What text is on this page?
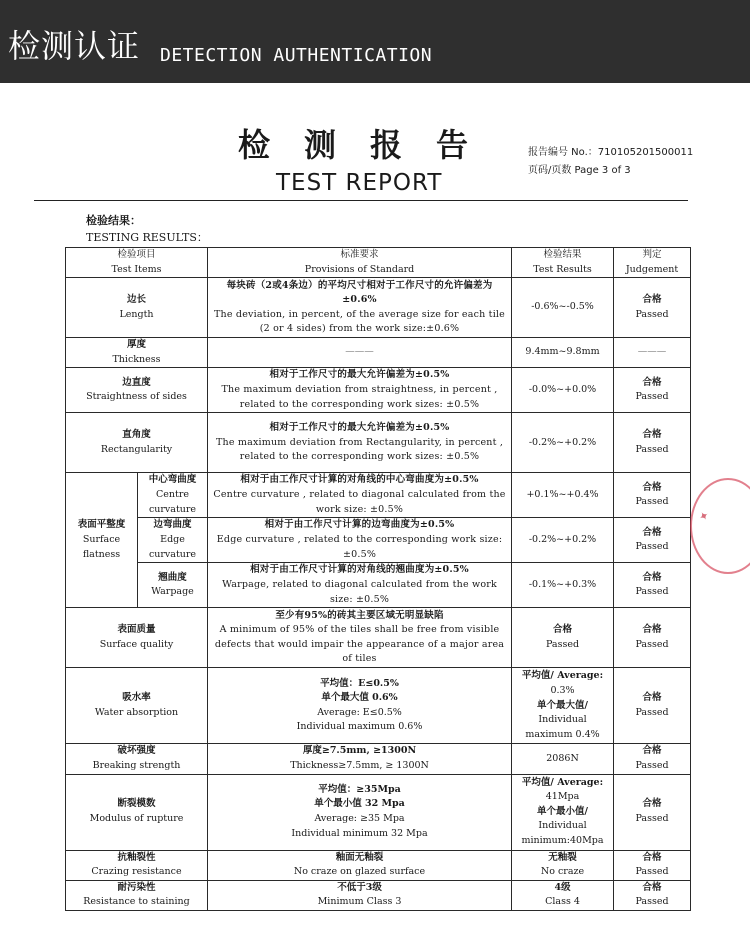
检测认证 DETECTION AUTHENTICATION
检测报告
TEST REPORT
报告编号 No.：710105201500011
页码/页数 Page 3 of 3
检验结果：
TESTING RESULTS：
检验项目
Test Items		标准要求
Provisions of Standard	检验结果
Test Results	判定
Judgement

边长
Length		每块砖（2或4条边）的平均尺寸相对于工作尺寸的允许偏差为±0.6%
The deviation, in percent, of the average size for each tile (2 or 4 sides) from the work size:±0.6%	-0.6%~-0.5%	合格
Passed

厚度
Thickness		———	9.4mm~9.8mm	———

边直度
Straightness of sides		相对于工作尺寸的最大允许偏差为±0.5%
The maximum deviation from straightness, in percent , related to the corresponding work sizes: ±0.5%	-0.0%~+0.0%	合格
Passed

直角度
Rectangularity		相对于工作尺寸的最大允许偏差为±0.5%
The maximum deviation from Rectangularity, in percent , related to the corresponding work sizes: ±0.5%	-0.2%~+0.2%	合格
Passed

表面平整度
Surface flatness	中心弯曲度
Centre curvature	相对于由工作尺寸计算的对角线的中心弯曲度为±0.5%
Centre curvature , related to diagonal calculated from the work size: ±0.5%	+0.1%~+0.4%	合格
Passed

	边弯曲度
Edge curvature	相对于由工作尺寸计算的边弯曲度为±0.5%
Edge curvature , related to the corresponding work size: ±0.5%	-0.2%~+0.2%	合格
Passed

	翘曲度
Warpage	相对于由工作尺寸计算的对角线的翘曲度为±0.5%
Warpage, related to diagonal calculated from the work size: ±0.5%	-0.1%~+0.3%	合格
Passed

表面质量
Surface quality		至少有95%的砖其主要区域无明显缺陷
A minimum of 95% of the tiles shall be free from visible defects that would impair the appearance of a major area of tiles	合格
Passed	合格
Passed

吸水率
Water absorption		平均值：E≤0.5%
单个最大值 0.6%
Average: E≤0.5%
Individual maximum 0.6%	平均值/ Average:
0.3%
单个最大值/
Individual
maximum 0.4%	合格
Passed

破坏强度
Breaking strength		厚度≥7.5mm, ≥1300N
Thickness≥7.5mm, ≥ 1300N	2086N	合格
Passed

断裂模数
Modulus of rupture		平均值：≥35Mpa
单个最小值 32 Mpa
Average: ≥35 Mpa
Individual minimum 32 Mpa	平均值/ Average:
41Mpa
单个最小值/
Individual
minimum:40Mpa	合格
Passed

抗釉裂性
Crazing resistance		釉面无釉裂
No craze on glazed surface	无釉裂
No craze	合格
Passed

耐污染性
Resistance to staining		不低于3级
Minimum Class 3	4级
Class 4	合格
Passed
✦
